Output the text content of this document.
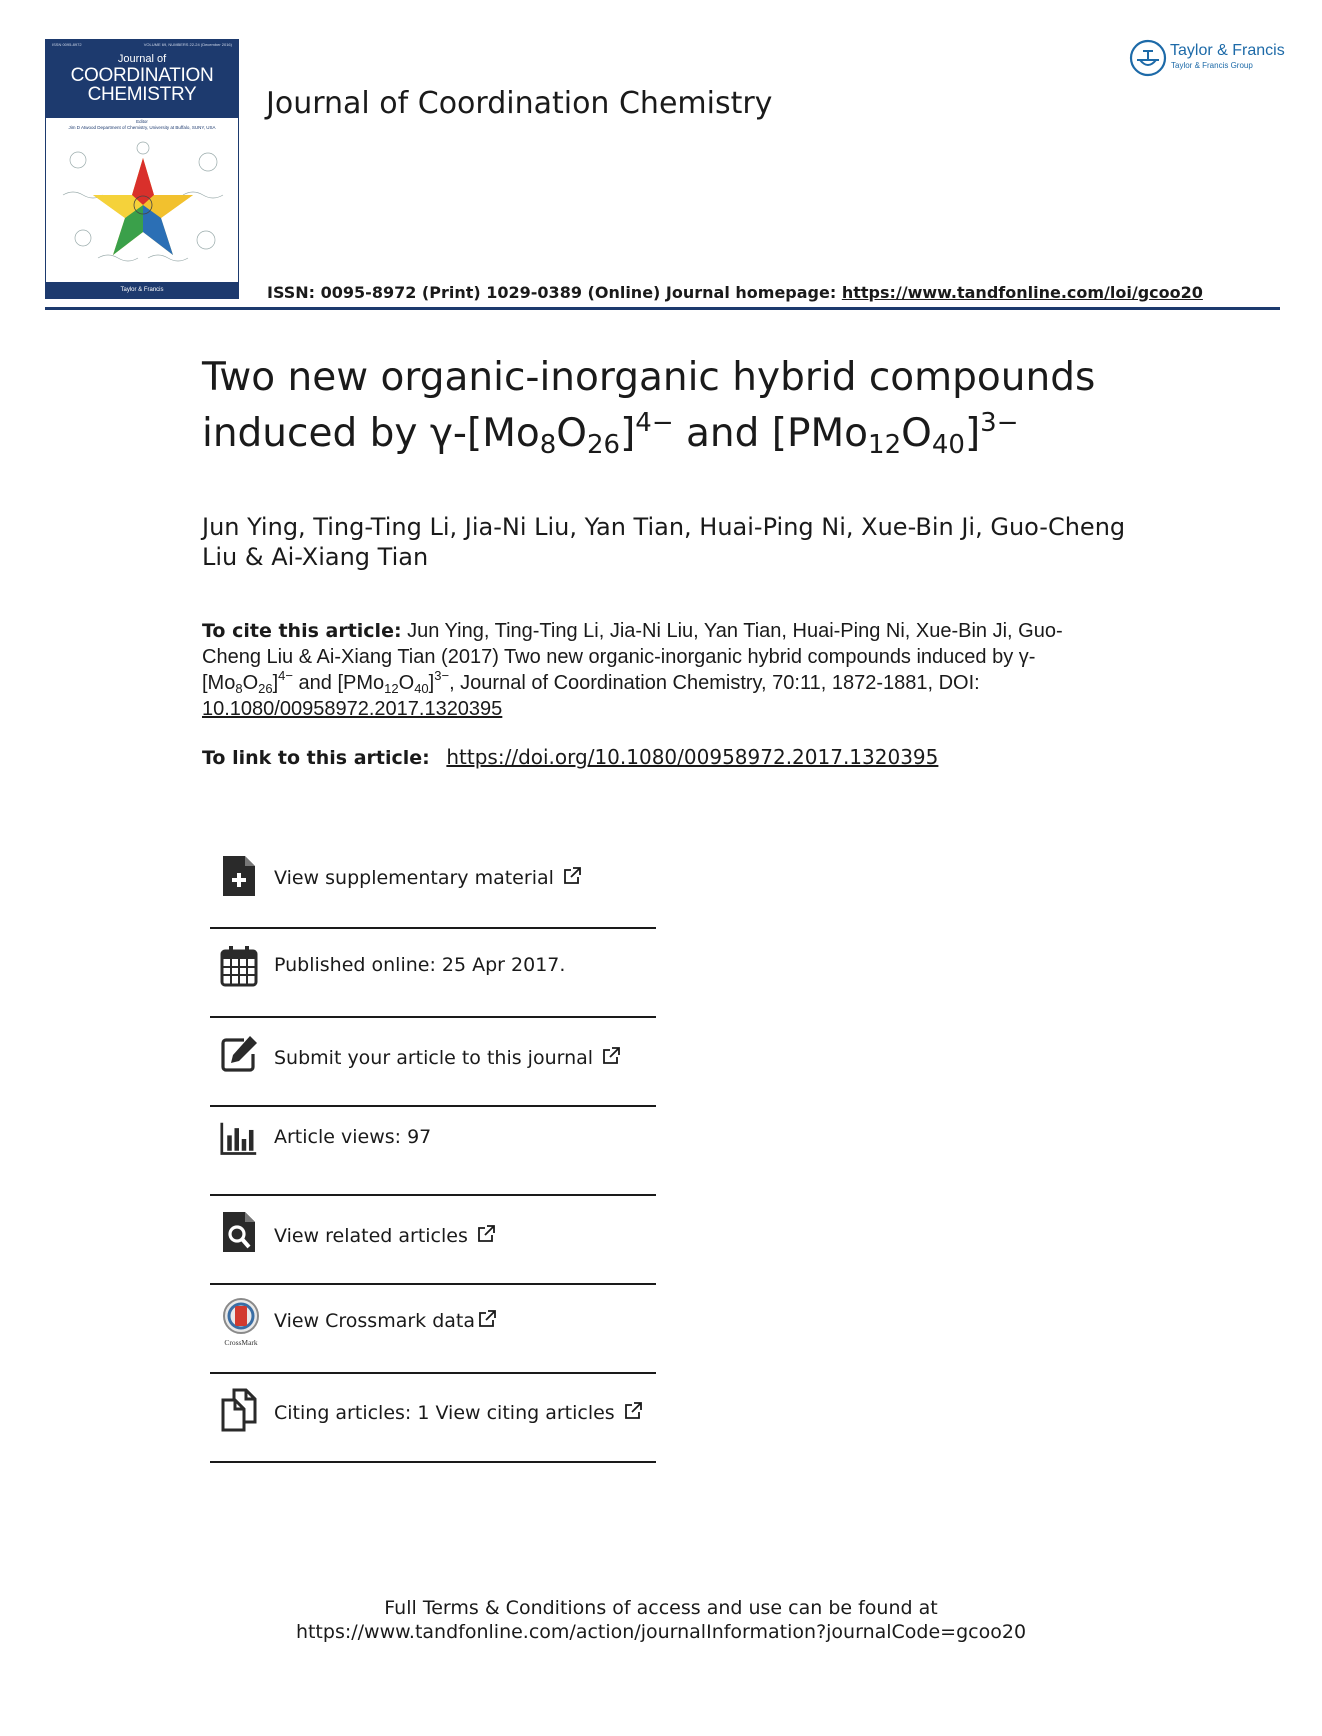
ISSN 0095-8972	VOLUME 69, NUMBERS 22-24 (December 2016)
Journal of
COORDINATION
CHEMISTRY
Editor
Jim D Atwood Department of Chemistry, University at Buffalo, SUNY, USA
Taylor & Francis
Journal of Coordination Chemistry
ISSN: 0095-8972 (Print) 1029-0389 (Online) Journal homepage: https://www.tandfonline.com/loi/gcoo20
Taylor & Francis
Taylor & Francis Group
Two new organic-inorganic hybrid compounds
induced by $\gamma-[Mo_8O_{26}]^{4-}$ and $[PMo_{12}O_{40}]^{3-}$
Jun Ying, Ting-Ting Li, Jia-Ni Liu, Yan Tian, Huai-Ping Ni, Xue-Bin Ji, Guo-Cheng Liu & Ai-Xiang Tian
To cite this article: Jun Ying, Ting-Ting Li, Jia-Ni Liu, Yan Tian, Huai-Ping Ni, Xue-Bin Ji, Guo-Cheng Liu & Ai-Xiang Tian (2017) Two new organic-inorganic hybrid compounds induced by $\gamma-[Mo_8O_{26}]^{4-}$ and $[PMo_{12}O_{40}]^{3-}$, Journal of Coordination Chemistry, 70:11, 1872-1881, DOI:
10.1080/00958972.2017.1320395
To link to this article: https://doi.org/10.1080/00958972.2017.1320395
View supplementary material
Published online: 25 Apr 2017.
Submit your article to this journal
Article views: 97
View related articles
CrossMark
View Crossmark data
Citing articles: 1 View citing articles
Full Terms & Conditions of access and use can be found at
https://www.tandfonline.com/action/journalInformation?journalCode=gcoo20
